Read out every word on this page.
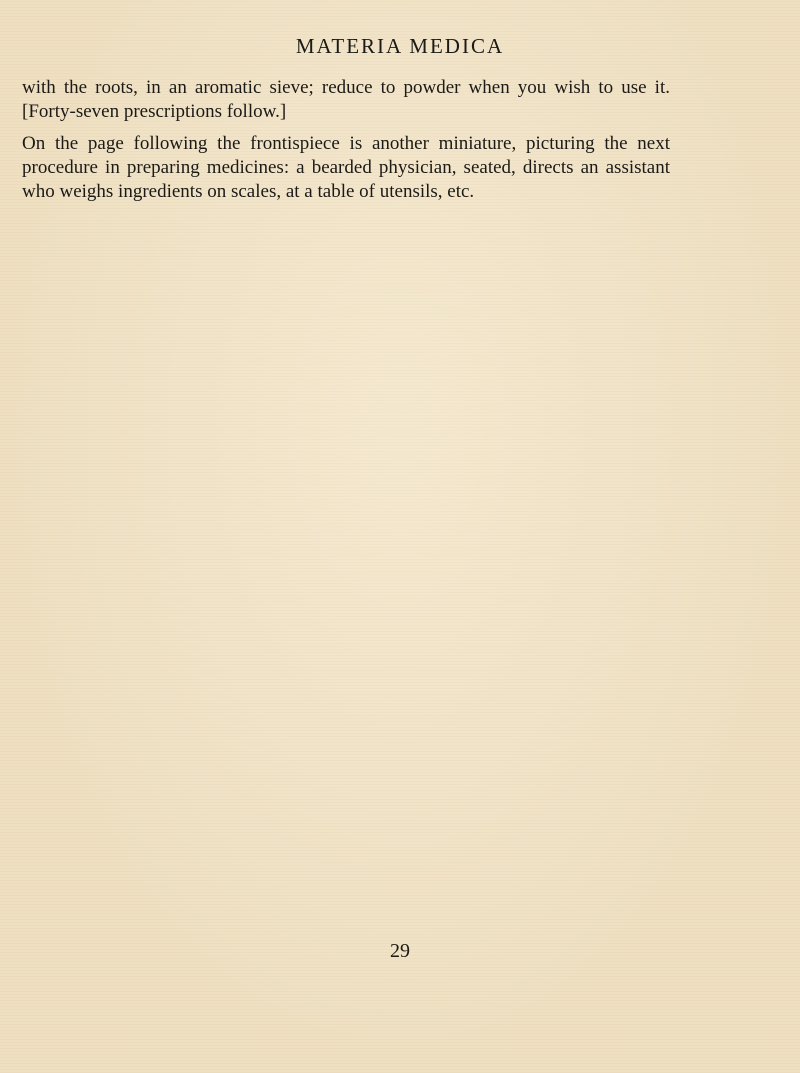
MATERIA MEDICA

with the roots, in an aromatic sieve; reduce to powder when you wish to use it. [Forty-seven prescriptions follow.]

On the page following the frontispiece is another miniature, picturing the next procedure in preparing medicines: a bearded physician, seated, directs an assistant who weighs ingredients on scales, at a table of utensils, etc.

29
